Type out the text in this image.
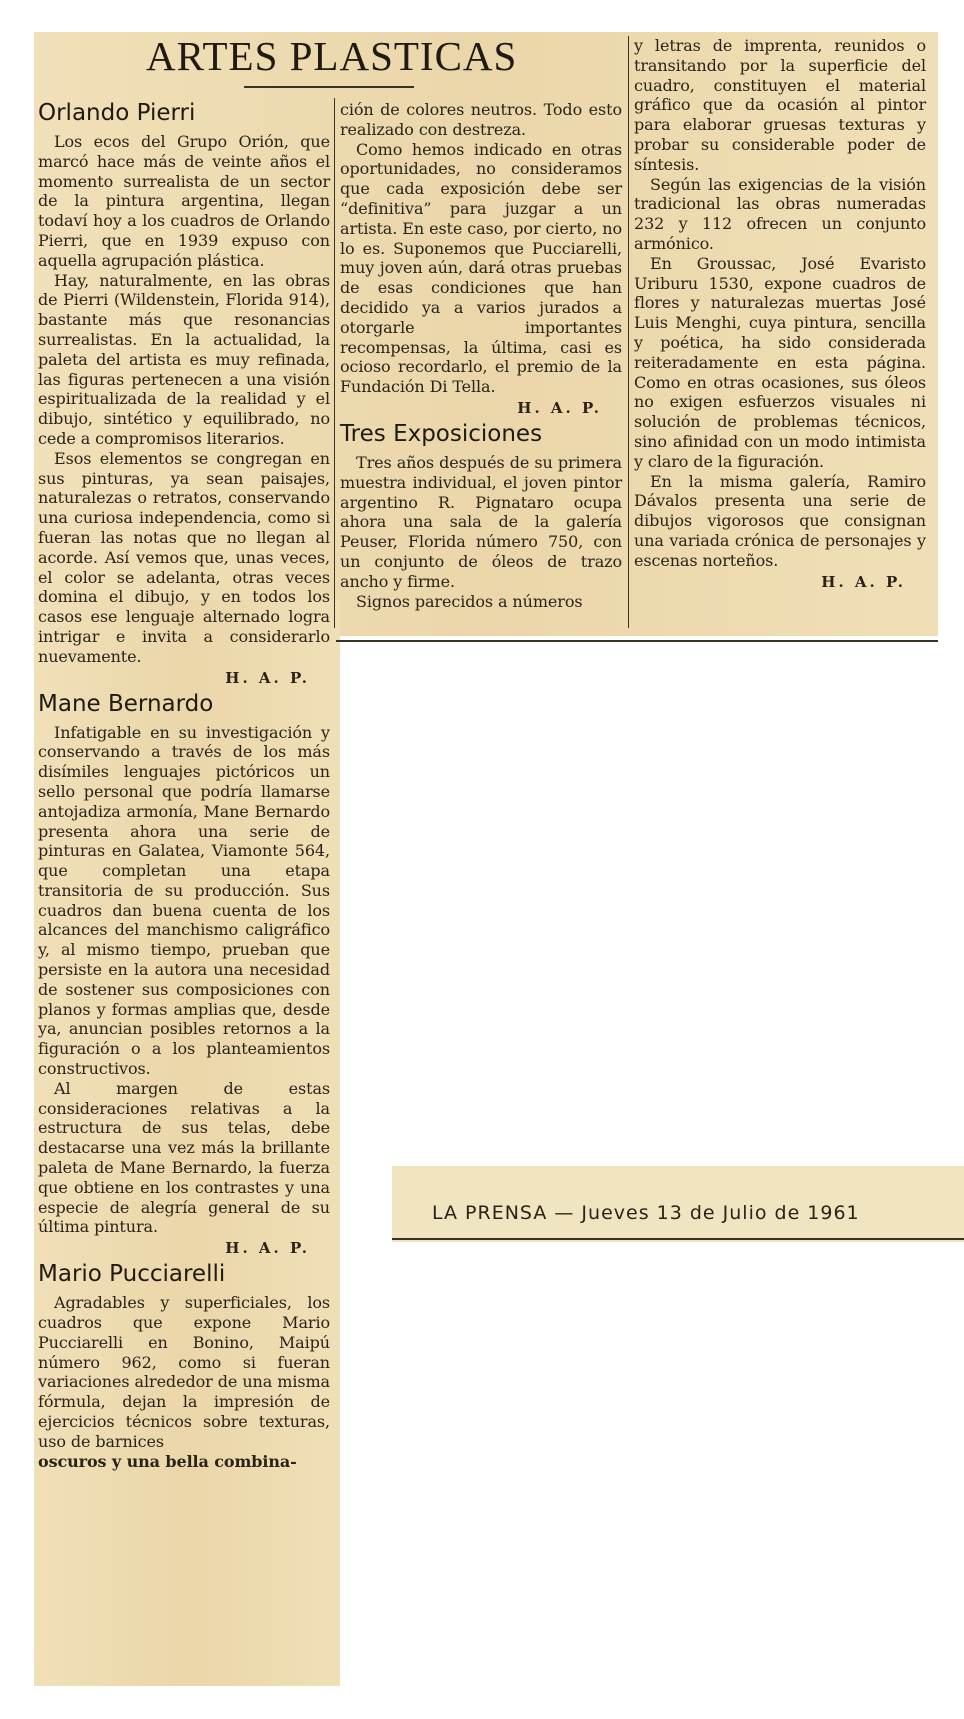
ARTES PLASTICAS
Orlando Pierri

Los ecos del Grupo Orión, que marcó hace más de veinte años el momento surrealista de un sector de la pintura argentina, llegan todaví hoy a los cuadros de Orlando Pierri, que en 1939 expuso con aquella agrupación plástica.

Hay, naturalmente, en las obras de Pierri (Wildenstein, Florida 914), bastante más que resonancias surrealistas. En la actualidad, la paleta del artista es muy refinada, las figuras pertenecen a una visión espiritualizada de la realidad y el dibujo, sintético y equilibrado, no cede a compromisos literarios.

Esos elementos se congregan en sus pinturas, ya sean paisajes, naturalezas o retratos, conservando una curiosa independencia, como si fueran las notas que no llegan al acorde. Así vemos que, unas veces, el color se adelanta, otras veces domina el dibujo, y en todos los casos ese lenguaje alternado logra intrigar e invita a considerarlo nuevamente.

H. A. P.
Mane Bernardo

Infatigable en su investigación y conservando a través de los más disímiles lenguajes pictóricos un sello personal que podría llamarse antojadiza armonía, Mane Bernardo presenta ahora una serie de pinturas en Galatea, Viamonte 564, que completan una etapa transitoria de su producción. Sus cuadros dan buena cuenta de los alcances del manchismo caligráfico y, al mismo tiempo, prueban que persiste en la autora una necesidad de sostener sus composiciones con planos y formas amplias que, desde ya, anuncian posibles retornos a la figuración o a los planteamientos constructivos.

Al margen de estas consideraciones relativas a la estructura de sus telas, debe destacarse una vez más la brillante paleta de Mane Bernardo, la fuerza que obtiene en los contrastes y una especie de alegría general de su última pintura.

H. A. P.
Mario Pucciarelli

Agradables y superficiales, los cuadros que expone Mario Pucciarelli en Bonino, Maipú número 962, como si fueran variaciones alrededor de una misma fórmula, dejan la impresión de ejercicios técnicos sobre texturas, uso de barnices

oscuros y una bella combina-

ción de colores neutros. Todo esto realizado con destreza.

Como hemos indicado en otras oportunidades, no consideramos que cada exposición debe ser “definitiva” para juzgar a un artista. En este caso, por cierto, no lo es. Suponemos que Pucciarelli, muy joven aún, dará otras pruebas de esas condiciones que han decidido ya a varios jurados a otorgarle importantes recompensas, la última, casi es ocioso recordarlo, el premio de la Fundación Di Tella.

H. A. P.
Tres Exposiciones

Tres años después de su primera muestra individual, el joven pintor argentino R. Pignataro ocupa ahora una sala de la galería Peuser, Florida número 750, con un conjunto de óleos de trazo ancho y firme.

Signos parecidos a números

y letras de imprenta, reunidos o transitando por la superficie del cuadro, constituyen el material gráfico que da ocasión al pintor para elaborar gruesas texturas y probar su considerable poder de síntesis.

Según las exigencias de la visión tradicional las obras numeradas 232 y 112 ofrecen un conjunto armónico.

En Groussac, José Evaristo Uriburu 1530, expone cuadros de flores y naturalezas muertas José Luis Menghi, cuya pintura, sencilla y poética, ha sido considerada reiteradamente en esta página. Como en otras ocasiones, sus óleos no exigen esfuerzos visuales ni solución de problemas técnicos, sino afinidad con un modo intimista y claro de la figuración.

En la misma galería, Ramiro Dávalos presenta una serie de dibujos vigorosos que consignan una variada crónica de personajes y escenas norteños.

H. A. P.
LA PRENSA — Jueves 13 de Julio de 1961
